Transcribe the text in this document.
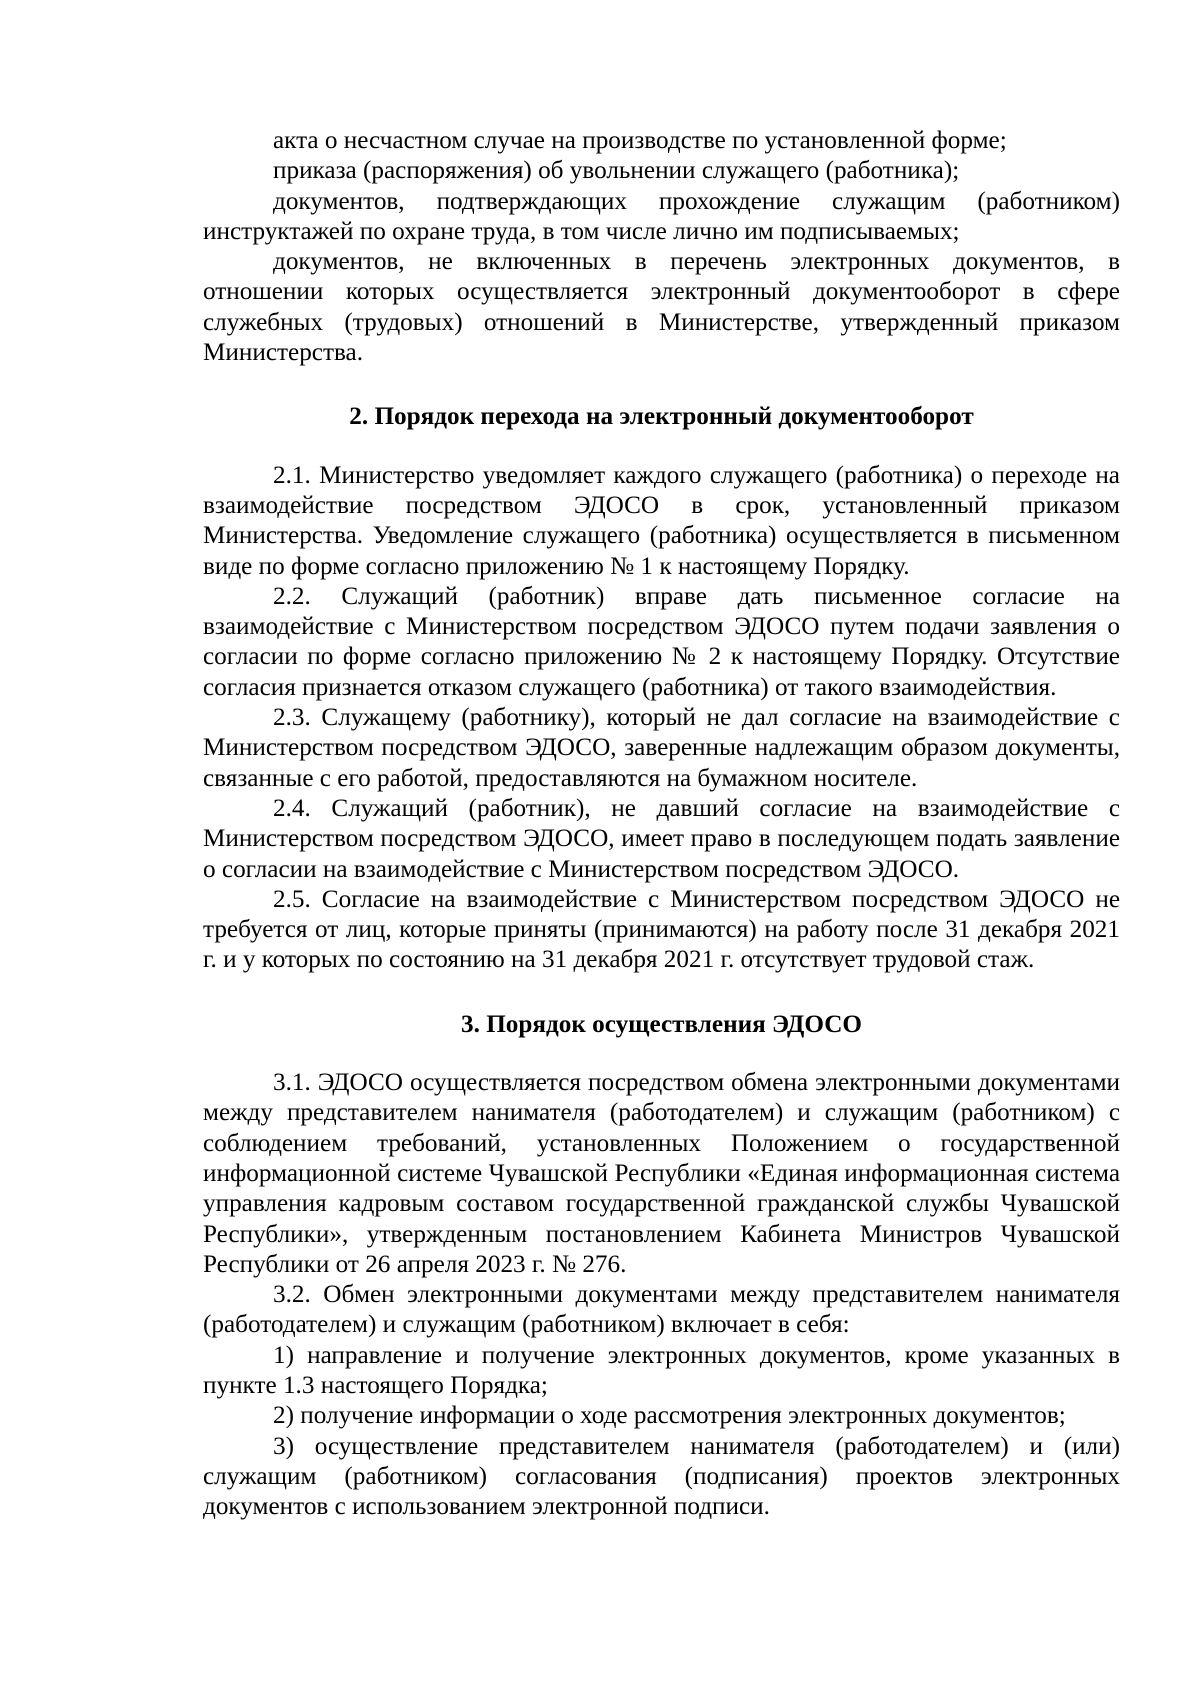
акта о несчастном случае на производстве по установленной форме;

приказа (распоряжения) об увольнении служащего (работника);

документов, подтверждающих прохождение служащим (работником) инструктажей по охране труда, в том числе лично им подписываемых;

документов, не включенных в перечень электронных документов, в отношении которых осуществляется электронный документооборот в сфере служебных (трудовых) отношений в Министерстве, утвержденный приказом Министерства.

2. Порядок перехода на электронный документооборот

2.1. Министерство уведомляет каждого служащего (работника) о переходе на взаимодействие посредством ЭДОСО в срок, установленный приказом Министерства. Уведомление служащего (работника) осуществляется в письменном виде по форме согласно приложению № 1 к настоящему Порядку.

2.2. Служащий (работник) вправе дать письменное согласие на взаимодействие с Министерством посредством ЭДОСО путем подачи заявления о согласии по форме согласно приложению № 2 к настоящему Порядку. Отсутствие согласия признается отказом служащего (работника) от такого взаимодействия.

2.3. Служащему (работнику), который не дал согласие на взаимодействие с Министерством посредством ЭДОСО, заверенные надлежащим образом документы, связанные с его работой, предоставляются на бумажном носителе.

2.4. Служащий (работник), не давший согласие на взаимодействие с Министерством посредством ЭДОСО, имеет право в последующем подать заявление о согласии на взаимодействие с Министерством посредством ЭДОСО.

2.5. Согласие на взаимодействие с Министерством посредством ЭДОСО не требуется от лиц, которые приняты (принимаются) на работу после 31 декабря 2021 г. и у которых по состоянию на 31 декабря 2021 г. отсутствует трудовой стаж.

3. Порядок осуществления ЭДОСО

3.1. ЭДОСО осуществляется посредством обмена электронными документами между представителем нанимателя (работодателем) и служащим (работником) с соблюдением требований, установленных Положением о государственной информационной системе Чувашской Республики «Единая информационная система управления кадровым составом государственной гражданской службы Чувашской Республики», утвержденным постановлением Кабинета Министров Чувашской Республики от 26 апреля 2023 г. № 276.

3.2. Обмен электронными документами между представителем нанимателя (работодателем) и служащим (работником) включает в себя:

1) направление и получение электронных документов, кроме указанных в пункте 1.3 настоящего Порядка;

2) получение информации о ходе рассмотрения электронных документов;

3) осуществление представителем нанимателя (работодателем) и (или) служащим (работником) согласования (подписания) проектов электронных документов с использованием электронной подписи.
